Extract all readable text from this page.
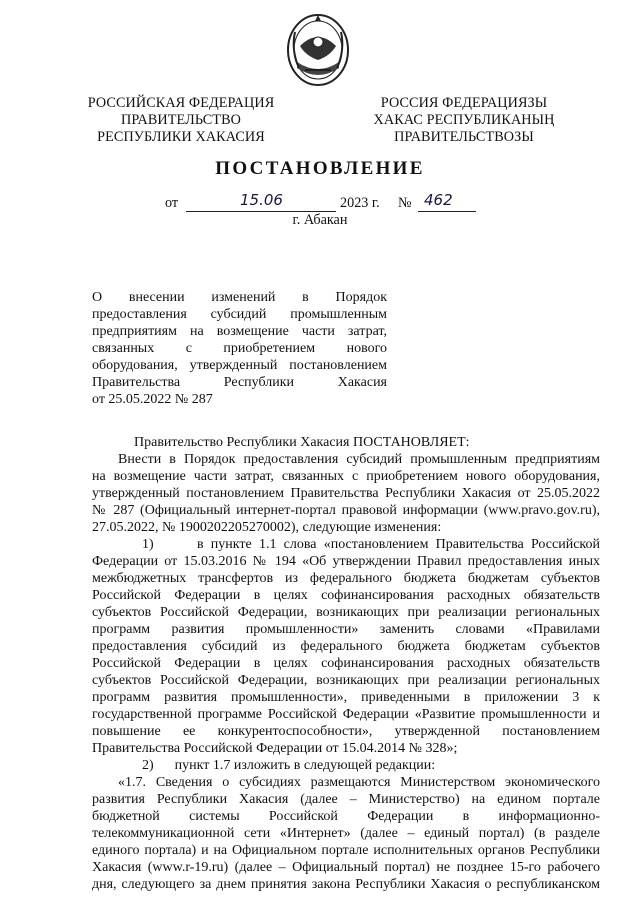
РОССИЙСКАЯ ФЕДЕРАЦИЯ
ПРАВИТЕЛЬСТВО
РЕСПУБЛИКИ ХАКАСИЯ
РОССИЯ ФЕДЕРАЦИЯЗЫ
ХАКАС РЕСПУБЛИКАНЫҢ
ПРАВИТЕЛЬСТВОЗЫ
ПОСТАНОВЛЕНИЕ
от	15.06	2023 г. № 462
г. Абакан
О внесении изменений в Порядок
предоставления субсидий промышленным
предприятиям на возмещение части затрат,
связанных с приобретением нового
оборудования, утвержденный постановлением
Правительства Республики Хакасия
от 25.05.2022 № 287
Правительство Республики Хакасия ПОСТАНОВЛЯЕТ:
Внести в Порядок предоставления субсидий промышленным предприятиям
на возмещение части затрат, связанных с приобретением нового оборудования,
утвержденный постановлением Правительства Республики Хакасия от 25.05.2022
№ 287 (Официальный интернет-портал правовой информации (www.pravo.gov.ru),
27.05.2022, № 1900202205270002), следующие изменения:
1)      в пункте 1.1 слова «постановлением Правительства Российской
Федерации от 15.03.2016 № 194 «Об утверждении Правил предоставления иных
межбюджетных трансфертов из федерального бюджета бюджетам субъектов
Российской Федерации в целях софинансирования расходных обязательств
субъектов Российской Федерации, возникающих при реализации региональных
программ развития промышленности» заменить словами «Правилами
предоставления субсидий из федерального бюджета бюджетам субъектов
Российской Федерации в целях софинансирования расходных обязательств
субъектов Российской Федерации, возникающих при реализации региональных
программ развития промышленности», приведенными в приложении 3 к
государственной программе Российской Федерации «Развитие промышленности и
повышение ее конкурентоспособности», утвержденной постановлением
Правительства Российской Федерации от 15.04.2014 № 328»;
2)      пункт 1.7 изложить в следующей редакции:
«1.7. Сведения о субсидиях размещаются Министерством экономического
развития Республики Хакасия (далее – Министерство) на едином портале
бюджетной системы Российской Федерации в информационно-
телекоммуникационной сети «Интернет» (далее – единый портал) (в разделе
единого портала) и на Официальном портале исполнительных органов Республики
Хакасия (www.r-19.ru) (далее – Официальный портал) не позднее 15-го рабочего
дня, следующего за днем принятия закона Республики Хакасия о республиканском
